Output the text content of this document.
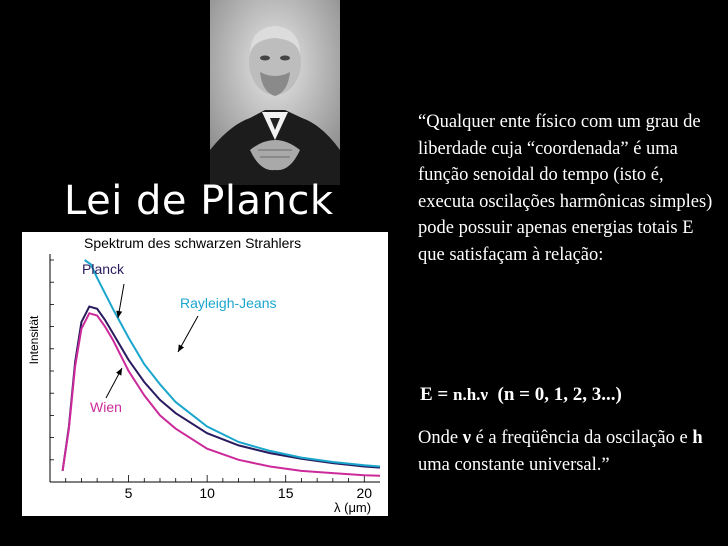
Lei de Planck
5	10	15	20
Spektrum des schwarzen Strahlers
Intensität
λ (μm)
Planck
Rayleigh-Jeans
Wien

“Qualquer ente físico com um grau de liberdade cuja “coordenada” é uma função senoidal do tempo (isto é, executa oscilações harmônicas simples) pode possuir apenas energias totais E que satisfaçam à relação:

E = n.h.ν (n = 0, 1, 2, 3...)
Onde ν é a freqüência da oscilação e h uma constante universal.”
